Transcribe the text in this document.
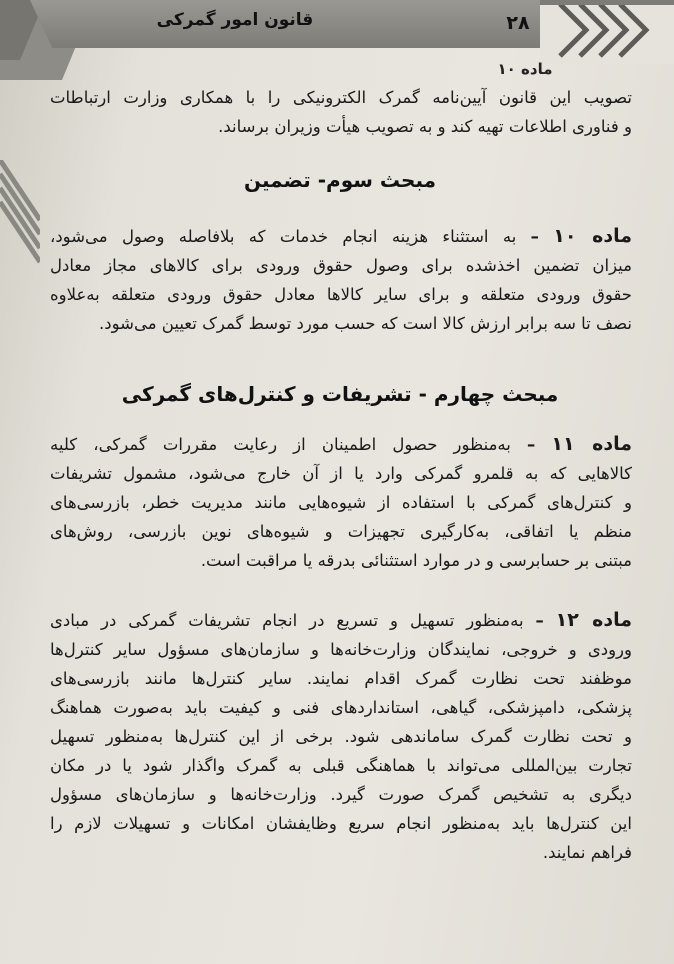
قانون امور گمرکی	۲۸
ماده ۱۰
تصویب این قانون آیین‌نامه گمرک الکترونیکی را با همکاری وزارت ارتباطات
و فناوری اطلاعات تهیه کند و به تصویب هیأت وزیران برساند.
مبحث سوم- تضمین
ماده ۱۰ – به استثناء هزینه انجام خدمات که بلافاصله وصول می‌شود،
میزان تضمین اخذشده برای وصول حقوق ورودی برای کالاهای مجاز معادل
حقوق ورودی متعلقه و برای سایر کالاها معادل حقوق ورودی متعلقه به‌علاوه
نصف تا سه برابر ارزش کالا است که حسب مورد توسط گمرک تعیین می‌شود.
مبحث چهارم - تشریفات و کنترل‌های گمرکی
ماده ۱۱ – به‌منظور حصول اطمینان از رعایت مقررات گمرکی، کلیه
کالاهایی که به قلمرو گمرکی وارد یا از آن خارج می‌شود، مشمول تشریفات
و کنترل‌های گمرکی با استفاده از شیوه‌هایی مانند مدیریت خطر، بازرسی‌های
منظم یا اتفاقی، به‌کارگیری تجهیزات و شیوه‌های نوین بازرسی، روش‌های
مبتنی بر حسابرسی و در موارد استثنائی بدرقه یا مراقبت است.
ماده ۱۲ – به‌منظور تسهیل و تسریع در انجام تشریفات گمرکی در مبادی
ورودی و خروجی، نمایندگان وزارت‌خانه‌ها و سازمان‌های مسؤول سایر کنترل‌ها
موظفند تحت نظارت گمرک اقدام نمایند. سایر کنترل‌ها مانند بازرسی‌های
پزشکی، دامپزشکی، گیاهی، استانداردهای فنی و کیفیت باید به‌صورت هماهنگ
و تحت نظارت گمرک ساماندهی شود. برخی از این کنترل‌ها به‌منظور تسهیل
تجارت بین‌المللی می‌تواند با هماهنگی قبلی به گمرک واگذار شود یا در مکان
دیگری به تشخیص گمرک صورت گیرد. وزارت‌خانه‌ها و سازمان‌های مسؤول
این کنترل‌ها باید به‌منظور انجام سریع وظایفشان امکانات و تسهیلات لازم را
فراهم نمایند.
